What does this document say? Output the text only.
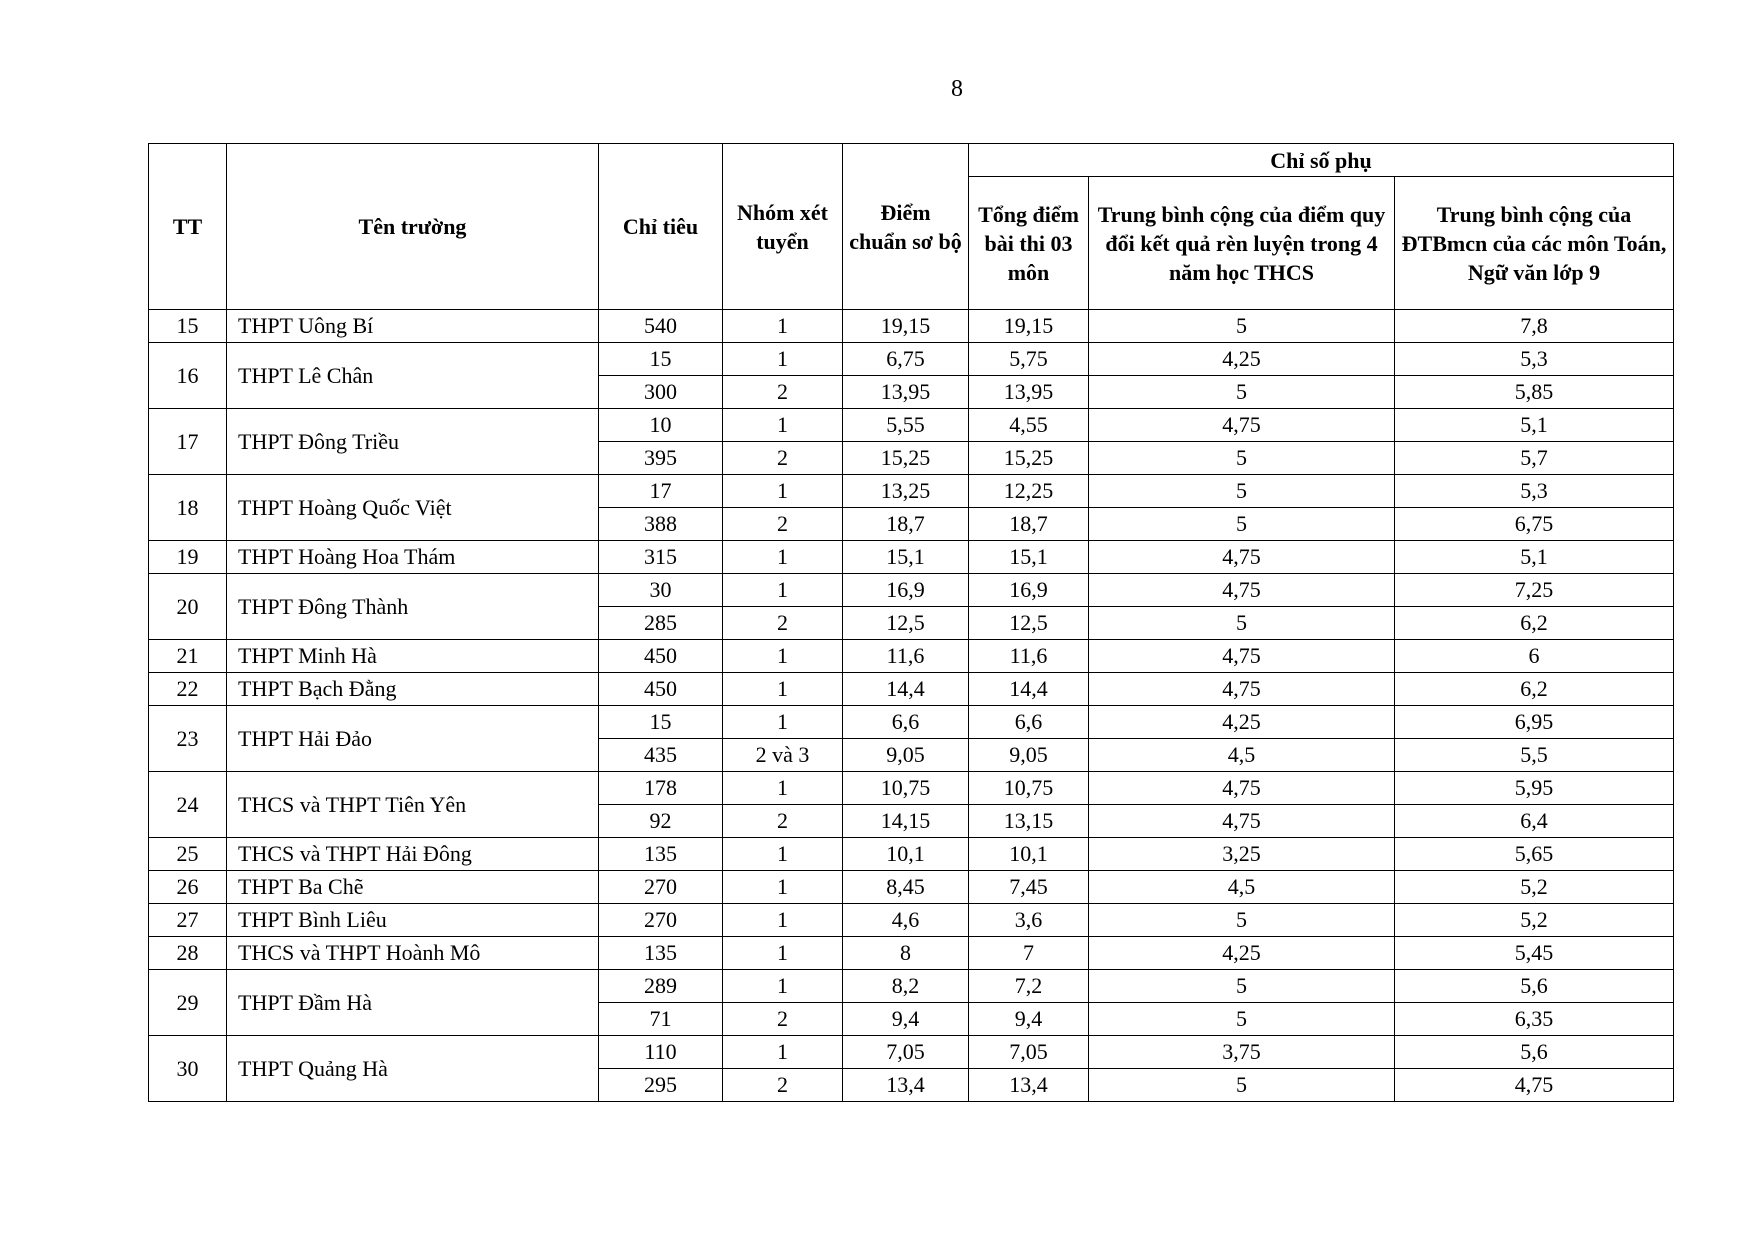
8
TT	Tên trường	Chỉ tiêu	Nhóm xét tuyển	Điểm chuẩn sơ bộ	Chỉ số phụ		
					Tổng điểm bài thi 03 môn	Trung bình cộng của điểm quy đổi kết quả rèn luyện trong 4 năm học THCS	Trung bình cộng của ĐTBmcn của các môn Toán, Ngữ văn lớp 9
15	THPT Uông Bí	540	1	19,15	19,15	5	7,8
16	THPT Lê Chân	15	1	6,75	5,75	4,25	5,3
		300	2	13,95	13,95	5	5,85
17	THPT Đông Triều	10	1	5,55	4,55	4,75	5,1
		395	2	15,25	15,25	5	5,7
18	THPT Hoàng Quốc Việt	17	1	13,25	12,25	5	5,3
		388	2	18,7	18,7	5	6,75
19	THPT Hoàng Hoa Thám	315	1	15,1	15,1	4,75	5,1
20	THPT Đông Thành	30	1	16,9	16,9	4,75	7,25
		285	2	12,5	12,5	5	6,2
21	THPT Minh Hà	450	1	11,6	11,6	4,75	6
22	THPT Bạch Đằng	450	1	14,4	14,4	4,75	6,2
23	THPT Hải Đảo	15	1	6,6	6,6	4,25	6,95
		435	2 và 3	9,05	9,05	4,5	5,5
24	THCS và THPT Tiên Yên	178	1	10,75	10,75	4,75	5,95
		92	2	14,15	13,15	4,75	6,4
25	THCS và THPT Hải Đông	135	1	10,1	10,1	3,25	5,65
26	THPT Ba Chẽ	270	1	8,45	7,45	4,5	5,2
27	THPT Bình Liêu	270	1	4,6	3,6	5	5,2
28	THCS và THPT Hoành Mô	135	1	8	7	4,25	5,45
29	THPT Đầm Hà	289	1	8,2	7,2	5	5,6
		71	2	9,4	9,4	5	6,35
30	THPT Quảng Hà	110	1	7,05	7,05	3,75	5,6
		295	2	13,4	13,4	5	4,75
